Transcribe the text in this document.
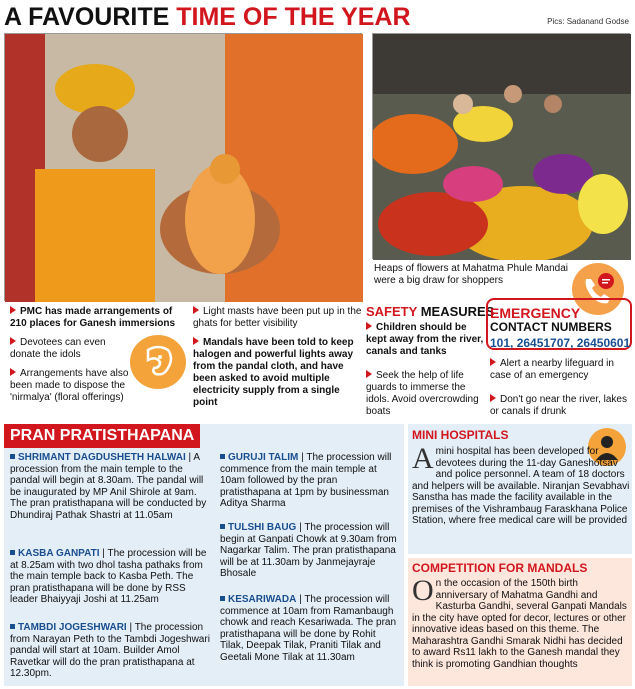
A FAVOURITE TIME OF THE YEAR	Pics: Sadanand Godse
Heaps of flowers at Mahatma Phule Mandai were a big draw for shoppers
PMC has made arrangements of 210 places for Ganesh immersions
Devotees can even donate the idols
Arrangements have also been made to dispose the 'nirmalya' (floral offerings)
Light masts have been put up in the ghats for better visibility
Mandals have been told to keep halogen and powerful lights away from the pandal cloth, and have been asked to avoid multiple electricity supply from a single point
SAFETY MEASURES
Children should be kept away from the river, canals and tanks
Seek the help of life guards to immerse the idols. Avoid overcrowding boats
EMERGENCY
CONTACT NUMBERS
101, 26451707, 26450601
Alert a nearby lifeguard in case of an emergency
Don't go near the river, lakes or canals if drunk
PRAN PRATISTHAPANA
SHRIMANT DAGDUSHETH HALWAI | A procession from the main temple to the pandal will begin at 8.30am. The pandal will be inaugurated by MP Anil Shirole at 9am. The pran pratisthapana will be conducted by Dhundiraj Pathak Shastri at 11.05am
KASBA GANPATI | The procession will be at 8.25am with two dhol tasha pathaks from the main temple back to Kasba Peth. The pran pratisthapana will be done by RSS leader Bhaiyyaji Joshi at 11.25am
TAMBDI JOGESHWARI | The procession from Narayan Peth to the Tambdi Jogeshwari pandal will start at 10am. Builder Amol Ravetkar will do the pran pratisthapana at 12.30pm.
GURUJI TALIM | The procession will commence from the main temple at 10am followed by the pran pratisthapana at 1pm by businessman Aditya Sharma
TULSHI BAUG | The procession will begin at Ganpati Chowk at 9.30am from Nagarkar Talim. The pran pratisthapana will be at 11.30am by Janmejayraje Bhosale
KESARIWADA | The procession will commence at 10am from Ramanbaugh chowk and reach Kesariwada. The pran pratisthapana will be done by Rohit Tilak, Deepak Tilak, Praniti Tilak and Geetali Mone Tilak at 11.30am
MINI HOSPITALS
Amini hospital has been developed for devotees during the 11-day Ganeshotsav and police personnel. A team of 18 doctors and helpers will be available. Niranjan Sevabhavi Sanstha has made the facility available in the premises of the Vishrambaug Faraskhana Police Station, where free medical care will be provided
COMPETITION FOR MANDALS
On the occasion of the 150th birth anniversary of Mahatma Gandhi and Kasturba Gandhi, several Ganpati Mandals in the city have opted for decor, lectures or other innovative ideas based on this theme. The Maharashtra Gandhi Smarak Nidhi has decided to award Rs11 lakh to the Ganesh mandal they think is promoting Gandhian thoughts
